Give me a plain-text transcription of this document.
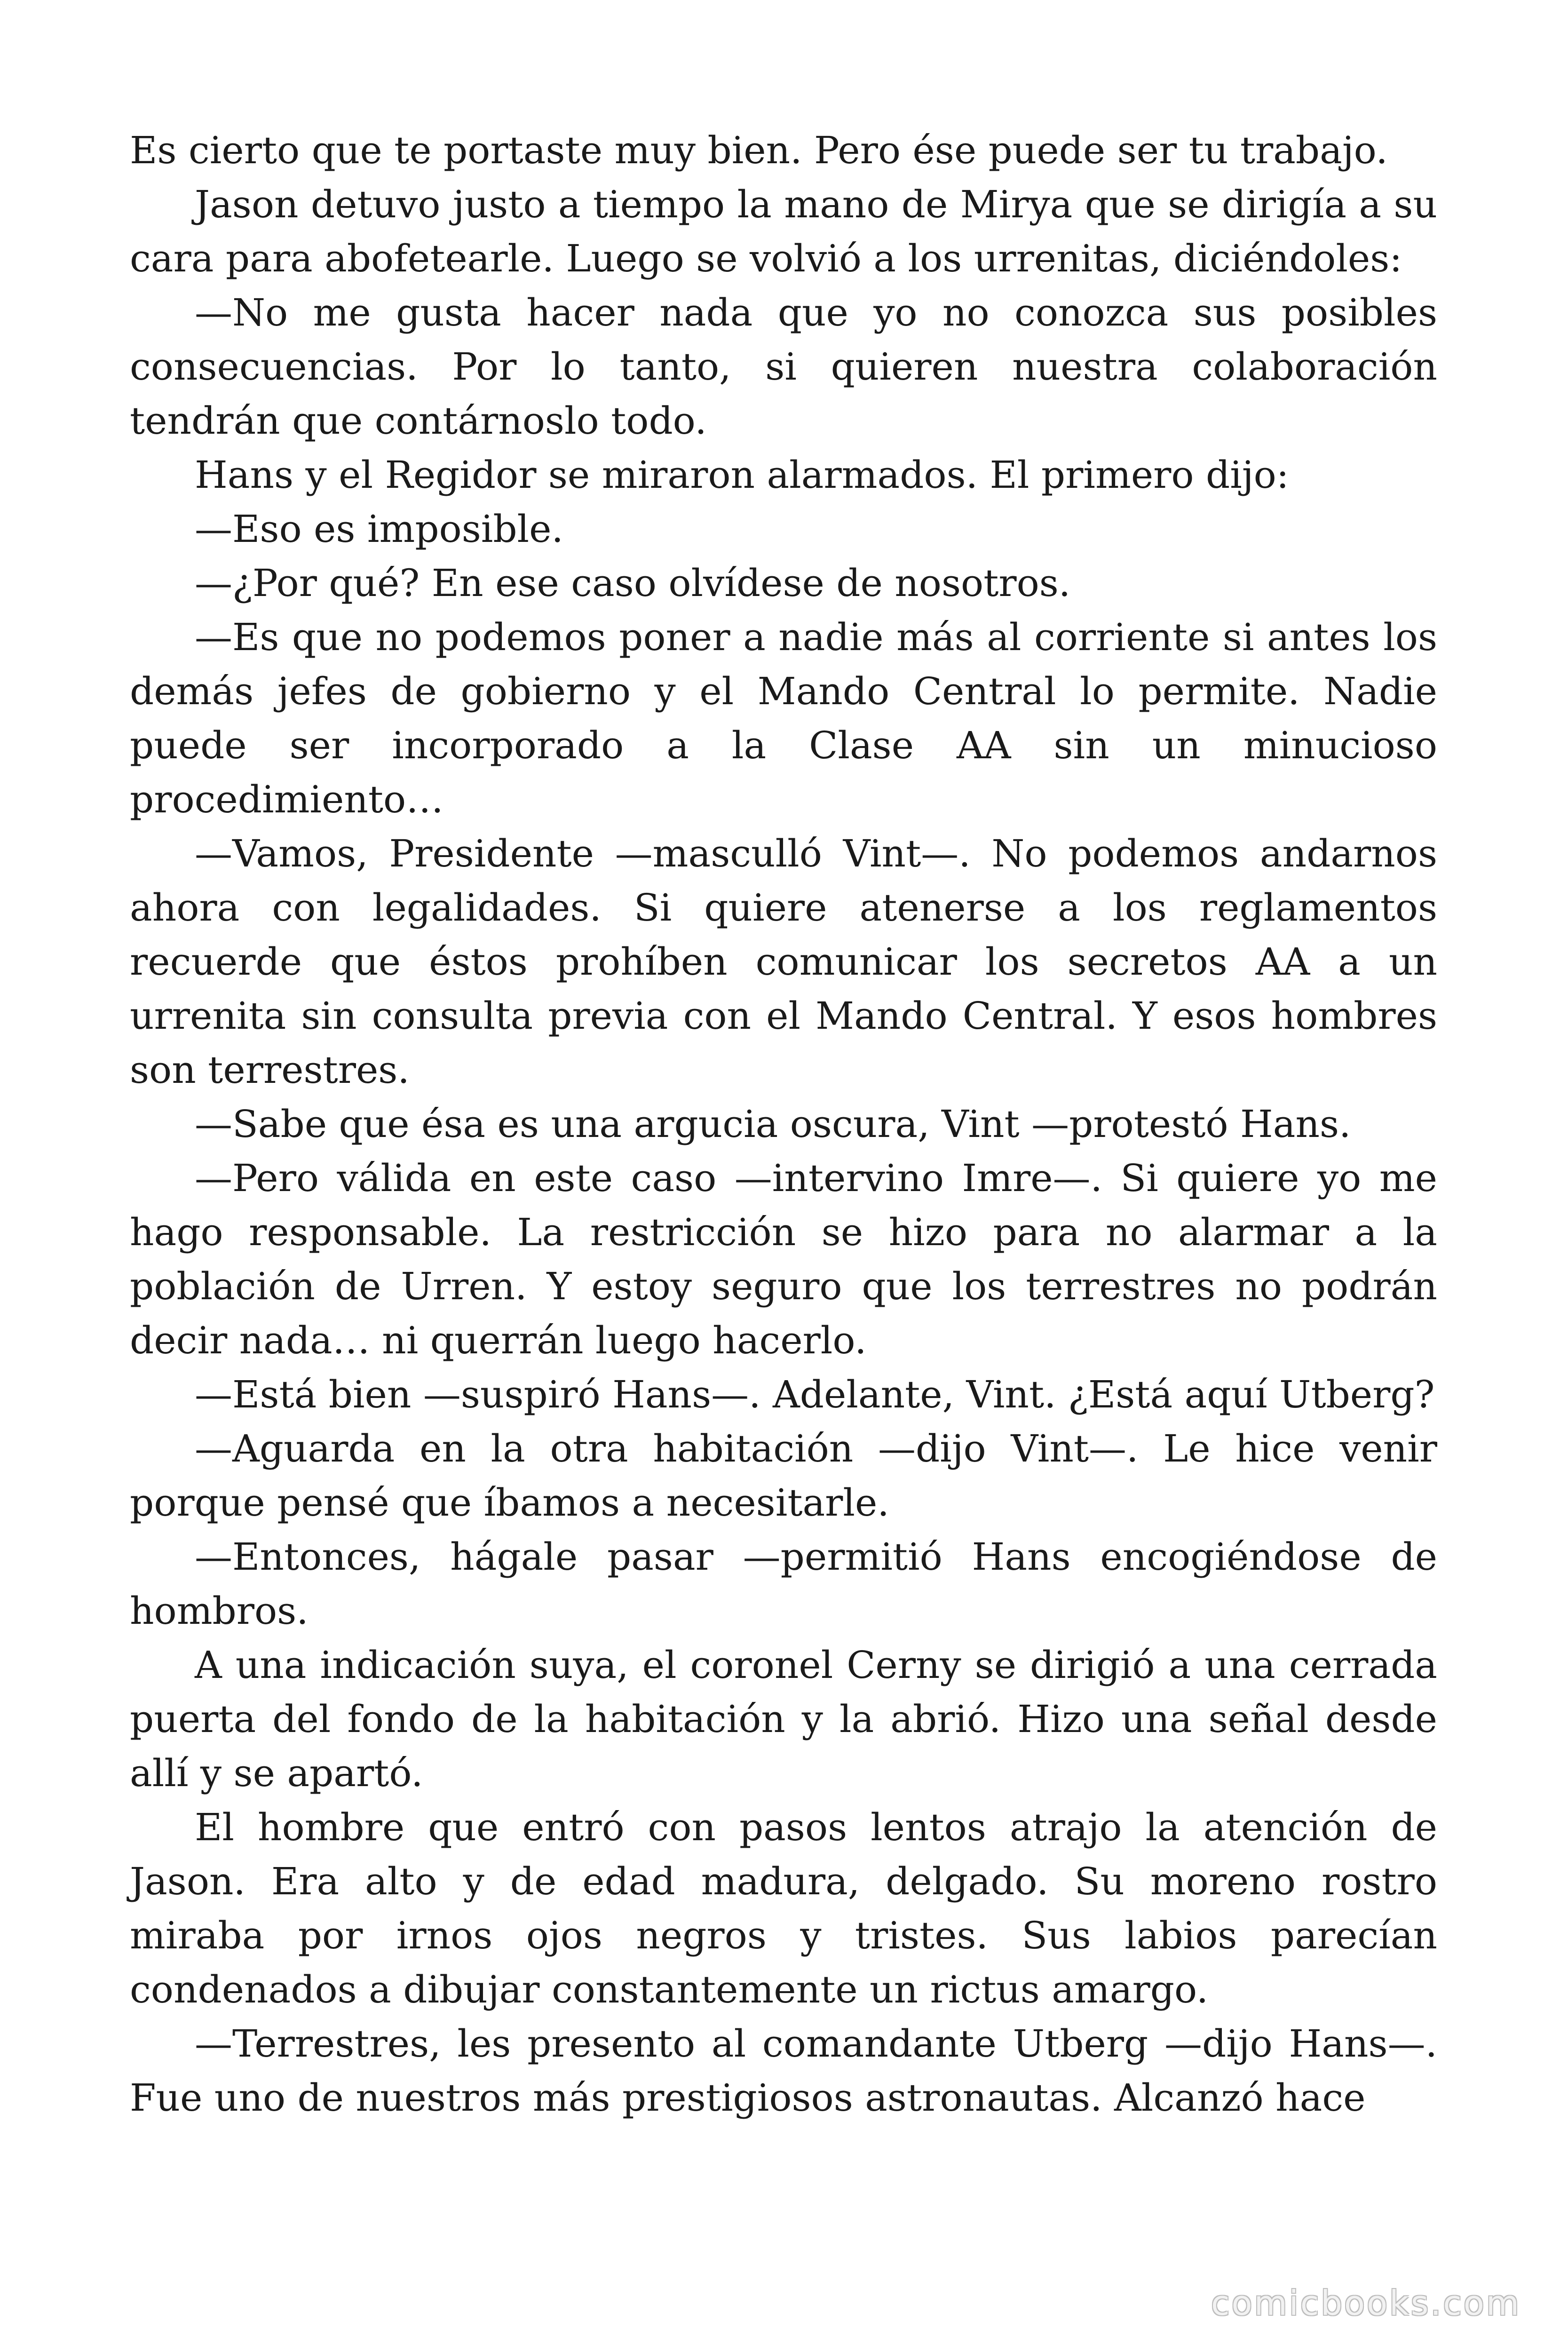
Es cierto que te portaste muy bien. Pero ése puede ser tu trabajo.

Jason detuvo justo a tiempo la mano de Mirya que se dirigía a su cara para abofetearle. Luego se volvió a los urrenitas, diciéndoles:

—No me gusta hacer nada que yo no conozca sus posibles consecuencias. Por lo tanto, si quieren nuestra colaboración tendrán que contárnoslo todo.

Hans y el Regidor se miraron alarmados. El primero dijo:

—Eso es imposible.

—¿Por qué? En ese caso olvídese de nosotros.

—Es que no podemos poner a nadie más al corriente si antes los demás jefes de gobierno y el Mando Central lo permite. Nadie puede ser incorporado a la Clase AA sin un minucioso procedimiento…

—Vamos, Presidente —masculló Vint—. No podemos andarnos ahora con legalidades. Si quiere atenerse a los reglamentos recuerde que éstos prohíben comunicar los secretos AA a un urrenita sin consulta previa con el Mando Central. Y esos hombres son terrestres.

—Sabe que ésa es una argucia oscura, Vint —protestó Hans.

—Pero válida en este caso —intervino Imre—. Si quiere yo me hago responsable. La restricción se hizo para no alarmar a la población de Urren. Y estoy seguro que los terrestres no podrán decir nada… ni querrán luego hacerlo.

—Está bien —suspiró Hans—. Adelante, Vint. ¿Está aquí Utberg?

—Aguarda en la otra habitación —dijo Vint—. Le hice venir porque pensé que íbamos a necesitarle.

—Entonces, hágale pasar —permitió Hans encogiéndose de hombros.

A una indicación suya, el coronel Cerny se dirigió a una cerrada puerta del fondo de la habitación y la abrió. Hizo una señal desde allí y se apartó.

El hombre que entró con pasos lentos atrajo la atención de Jason. Era alto y de edad madura, delgado. Su moreno rostro miraba por irnos ojos negros y tristes. Sus labios parecían condenados a dibujar constantemente un rictus amargo.

—Terrestres, les presento al comandante Utberg —dijo Hans—. Fue uno de nuestros más prestigiosos astronautas. Alcanzó hace

comicbooks.com
